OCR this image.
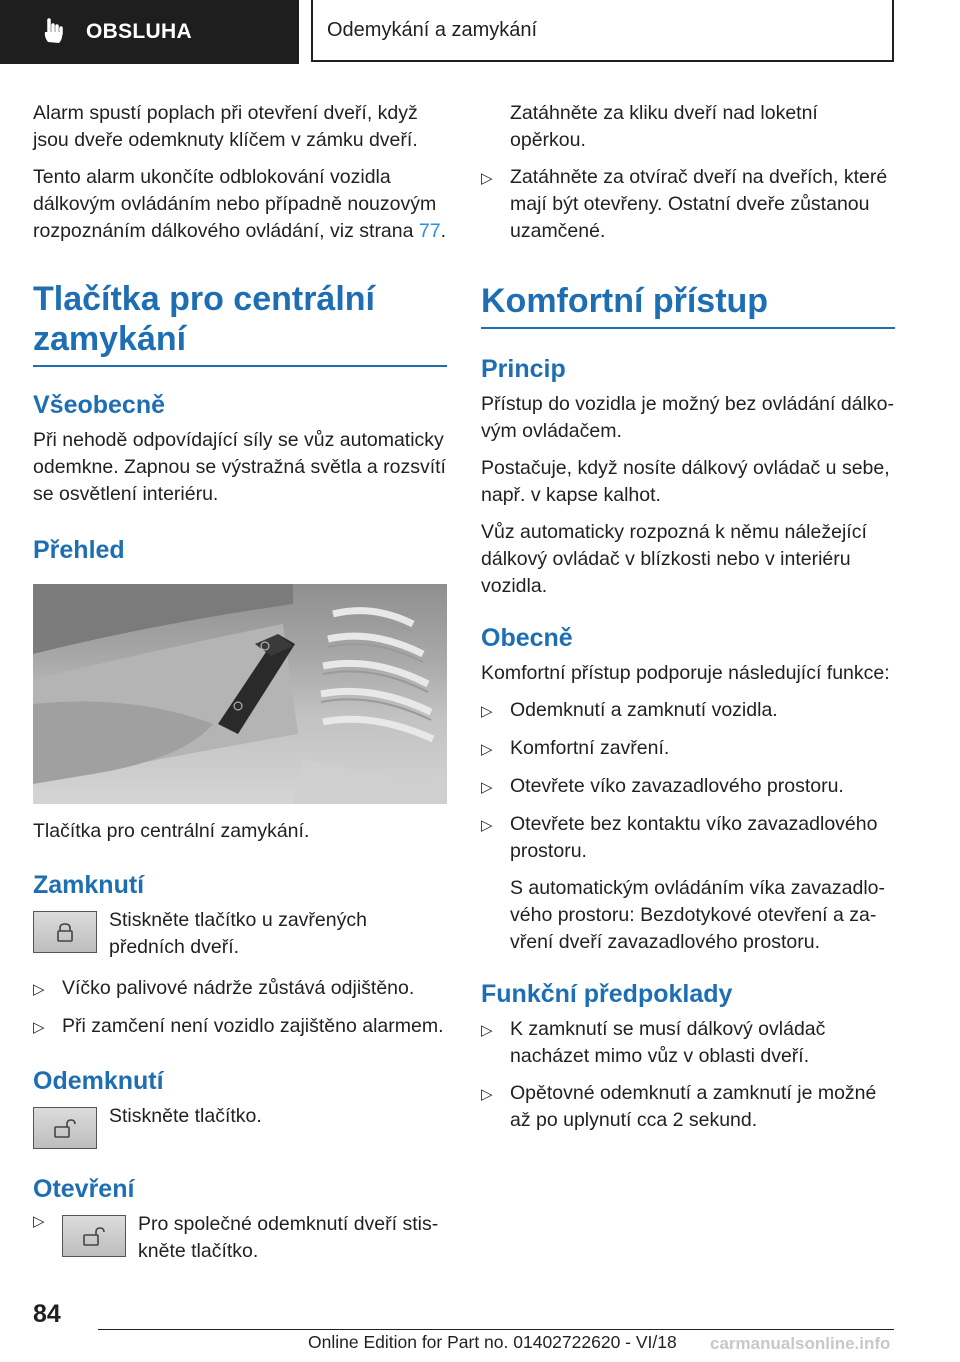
OBSLUHA	Odemykání a zamykání

Alarm spustí poplach při otevření dveří, když jsou dveře odemknuty klíčem v zámku dveří.

Tento alarm ukončíte odblokování vozidla dálkovým ovládáním nebo případně nouzovým rozpoznáním dálkového ovládání, viz strana 77.

Tlačítka pro centrální zamykání
Všeobecně

Při nehodě odpovídající síly se vůz automaticky odemkne. Zapnou se výstražná světla a rozsvítí se osvětlení interiéru.

Přehled

Tlačítka pro centrální zamykání.

Zamknutí
Stiskněte tlačítko u zavřených předních dveří.
▷ Víčko palivové nádrže zůstává odjištěno.
▷ Při zamčení není vozidlo zajištěno alarmem.
Odemknutí
Stiskněte tlačítko.
Otevření
▷	Pro společné odemknutí dveří stiskněte tlačítko.

Zatáhněte za kliku dveří nad loketní opěrkou.

▷ Zatáhněte za otvírač dveří na dveřích, které mají být otevřeny. Ostatní dveře zůstanou uzamčené.
Komfortní přístup
Princip

Přístup do vozidla je možný bez ovládání dálkovým ovládačem.

Postačuje, když nosíte dálkový ovládač u sebe, např. v kapse kalhot.

Vůz automaticky rozpozná k němu náležející dálkový ovládač v blízkosti nebo v interiéru vozidla.

Obecně

Komfortní přístup podporuje následující funkce:

▷ Odemknutí a zamknutí vozidla.
▷ Komfortní zavření.
▷ Otevřete víko zavazadlového prostoru.
▷ Otevřete bez kontaktu víko zavazadlového prostoru.

S automatickým ovládáním víka zavazadlového prostoru: Bezdotykové otevření a zavření dveří zavazadlového prostoru.

Funkční předpoklady
▷ K zamknutí se musí dálkový ovládač nacházet mimo vůz v oblasti dveří.
▷ Opětovné odemknutí a zamknutí je možné až po uplynutí cca 2 sekund.
84
Online Edition for Part no. 01402722620 - VI/18 carmanualsonline.info
